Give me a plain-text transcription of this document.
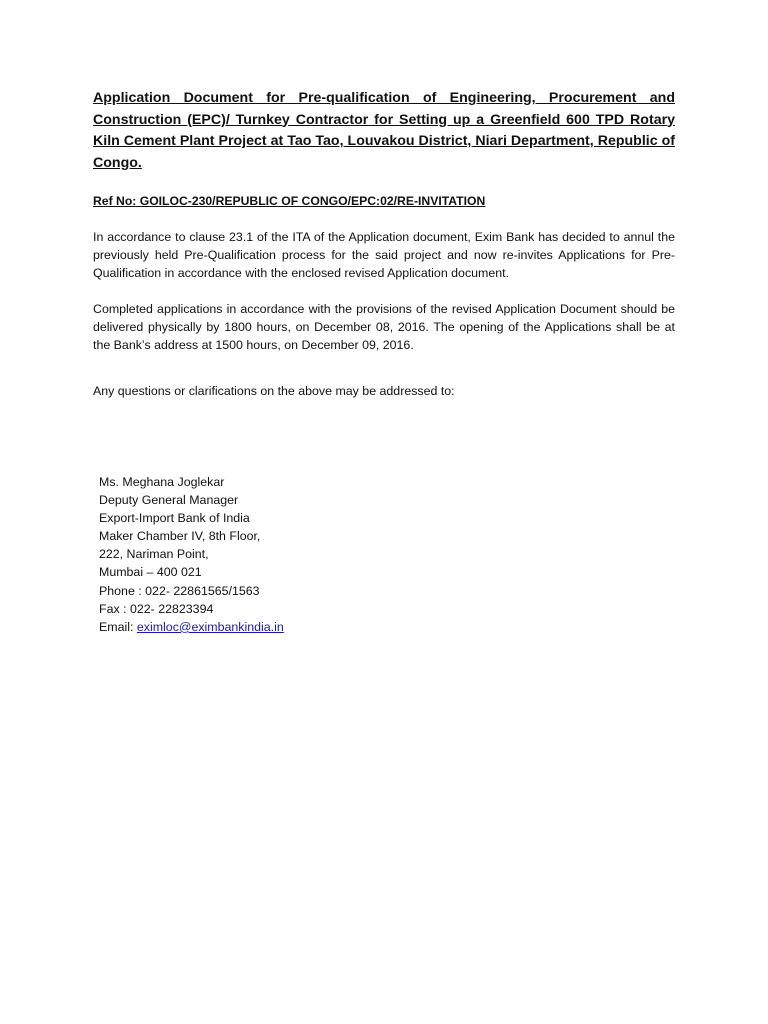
Application Document for Pre-qualification of Engineering, Procurement and Construction (EPC)/ Turnkey Contractor for Setting up a Greenfield 600 TPD Rotary Kiln Cement Plant Project at Tao Tao, Louvakou District, Niari Department, Republic of Congo.

Ref No: GOILOC-230/REPUBLIC OF CONGO/EPC:02/RE-INVITATION

In accordance to clause 23.1 of the ITA of the Application document, Exim Bank has decided to annul the previously held Pre-Qualification process for the said project and now re-invites Applications for Pre-Qualification in accordance with the enclosed revised Application document.

Completed applications in accordance with the provisions of the revised Application Document should be delivered physically by 1800 hours, on December 08, 2016. The opening of the Applications shall be at the Bank’s address at 1500 hours, on December 09, 2016.

Any questions or clarifications on the above may be addressed to:

Ms. Meghana Joglekar
Deputy General Manager
Export-Import Bank of India
Maker Chamber IV, 8th Floor,
222, Nariman Point,
Mumbai – 400 021
Phone : 022- 22861565/1563
Fax : 022- 22823394
Email: eximloc@eximbankindia.in
